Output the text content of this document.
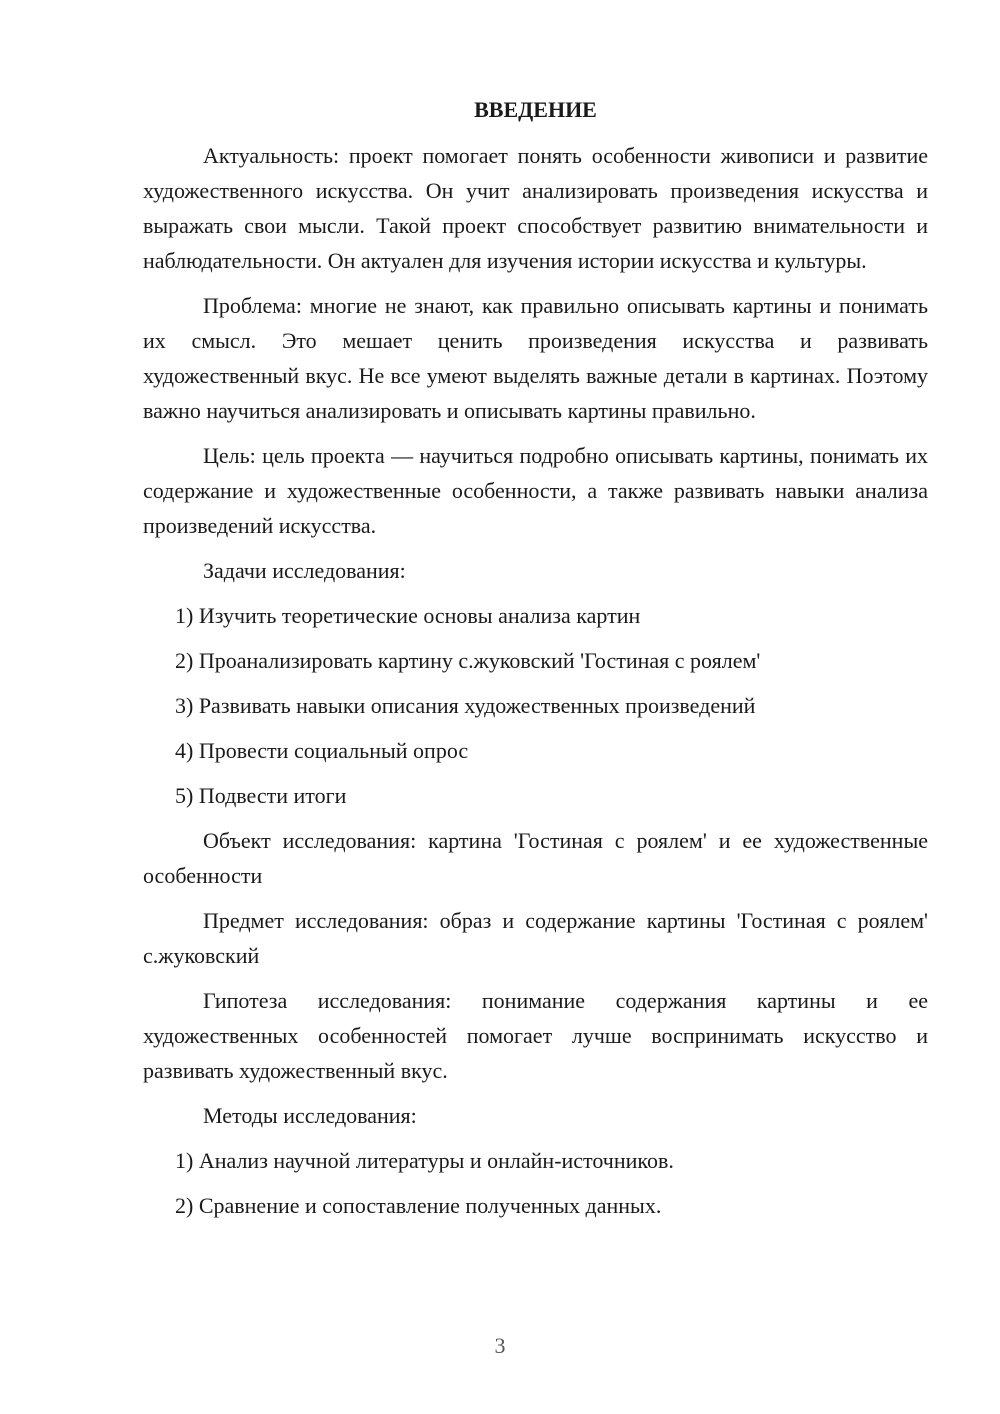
ВВЕДЕНИЕ

Актуальность: проект помогает понять особенности живописи и развитие художественного искусства. Он учит анализировать произведения искусства и выражать свои мысли. Такой проект способствует развитию внимательности и наблюдательности. Он актуален для изучения истории искусства и культуры.

Проблема: многие не знают, как правильно описывать картины и понимать их смысл. Это мешает ценить произведения искусства и развивать художественный вкус. Не все умеют выделять важные детали в картинах. Поэтому важно научиться анализировать и описывать картины правильно.

Цель: цель проекта — научиться подробно описывать картины, понимать их содержание и художественные особенности, а также развивать навыки анализа произведений искусства.

Задачи исследования:
1) Изучить теоретические основы анализа картин
2) Проанализировать картину с.жуковский 'Гостиная с роялем'
3) Развивать навыки описания художественных произведений
4) Провести социальный опрос
5) Подвести итоги

Объект исследования: картина 'Гостиная с роялем' и ее художественные особенности

Предмет исследования: образ и содержание картины 'Гостиная с роялем' с.жуковский

Гипотеза исследования: понимание содержания картины и ее художественных особенностей помогает лучше воспринимать искусство и развивать художественный вкус.

Методы исследования:
1) Анализ научной литературы и онлайн-источников.
2) Сравнение и сопоставление полученных данных.
3
